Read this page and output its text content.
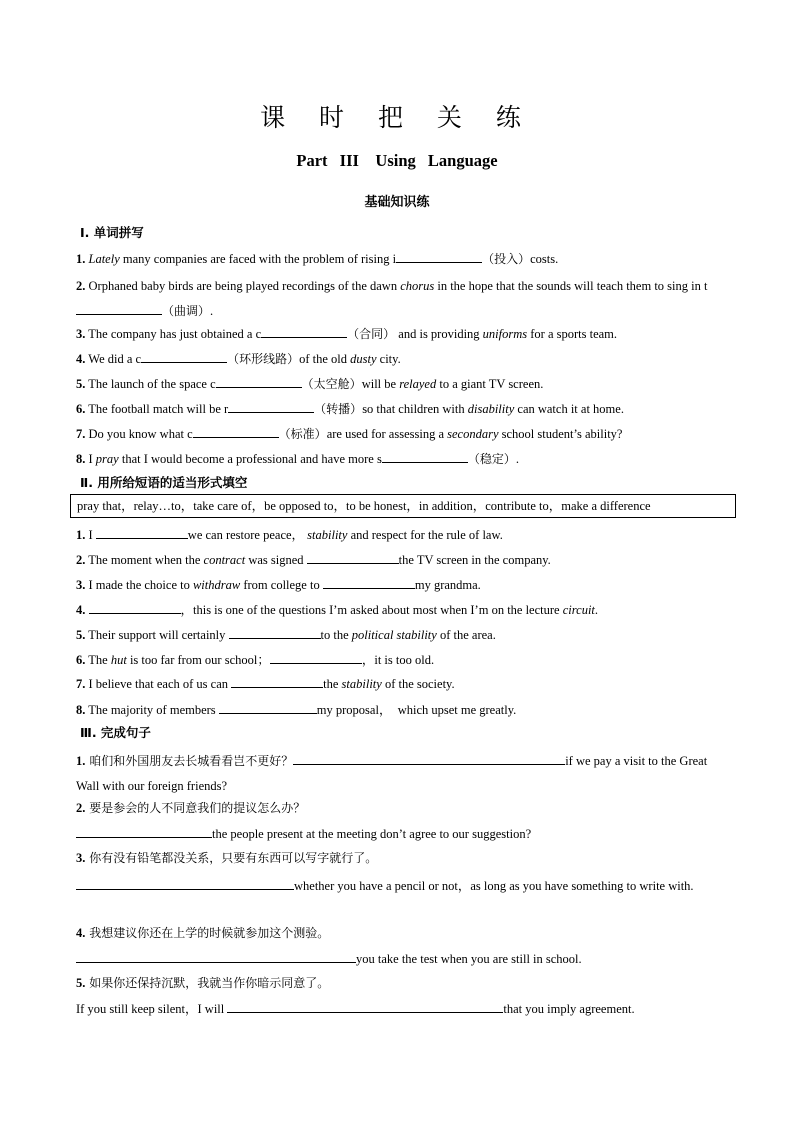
课 时 把 关 练
Part III　Using Language
基础知识练
Ⅰ. 单词拼写
1. Lately many companies are faced with the problem of rising i	（投入）costs.
2. Orphaned baby birds are being played recordings of the dawn chorus in the hope that the sounds will teach them to sing in t（曲调）.
3. The company has just obtained a c	（合同） and is providing uniforms for a sports team.
4. We did a c	（环形线路）of the old dusty city.
5. The launch of the space c	（太空舱）will be relayed to a giant TV screen.
6. The football match will be r	（转播）so that children with disability can watch it at home.
7. Do you know what c	（标准）are used for assessing a secondary school student’s ability?
8. I pray that I would become a professional and have more s	（稳定）.
Ⅱ. 用所给短语的适当形式填空
pray that，relay…to，take care of，be opposed to，to be honest，in addition，contribute to，make a difference
1. I	we can restore peace， stability and respect for the rule of law.
2. The moment when the contract was signed	the TV screen in the company.
3. I made the choice to withdraw from college to	my grandma.
4.	，this is one of the questions I’m asked about most when I’m on the lecture circuit.
5. Their support will certainly	to the political stability of the area.
6. The hut is too far from our school；	，it is too old.
7. I believe that each of us can	the stability of the society.
8. The majority of members	my proposal，　which upset me greatly.
Ⅲ. 完成句子
1. 咱们和外国朋友去长城看看岂不更好？	if we pay a visit to the Great Wall with our foreign friends?
2. 要是参会的人不同意我们的提议怎么办？
the people present at the meeting don’t agree to our suggestion?
3. 你有没有铅笔都没关系，只要有东西可以写字就行了。
whether you have a pencil or not，as long as you have something to write with.
4. 我想建议你还在上学的时候就参加这个测验。
you take the test when you are still in school.
5. 如果你还保持沉默，我就当作你暗示同意了。
If you still keep silent，I will	that you imply agreement.
